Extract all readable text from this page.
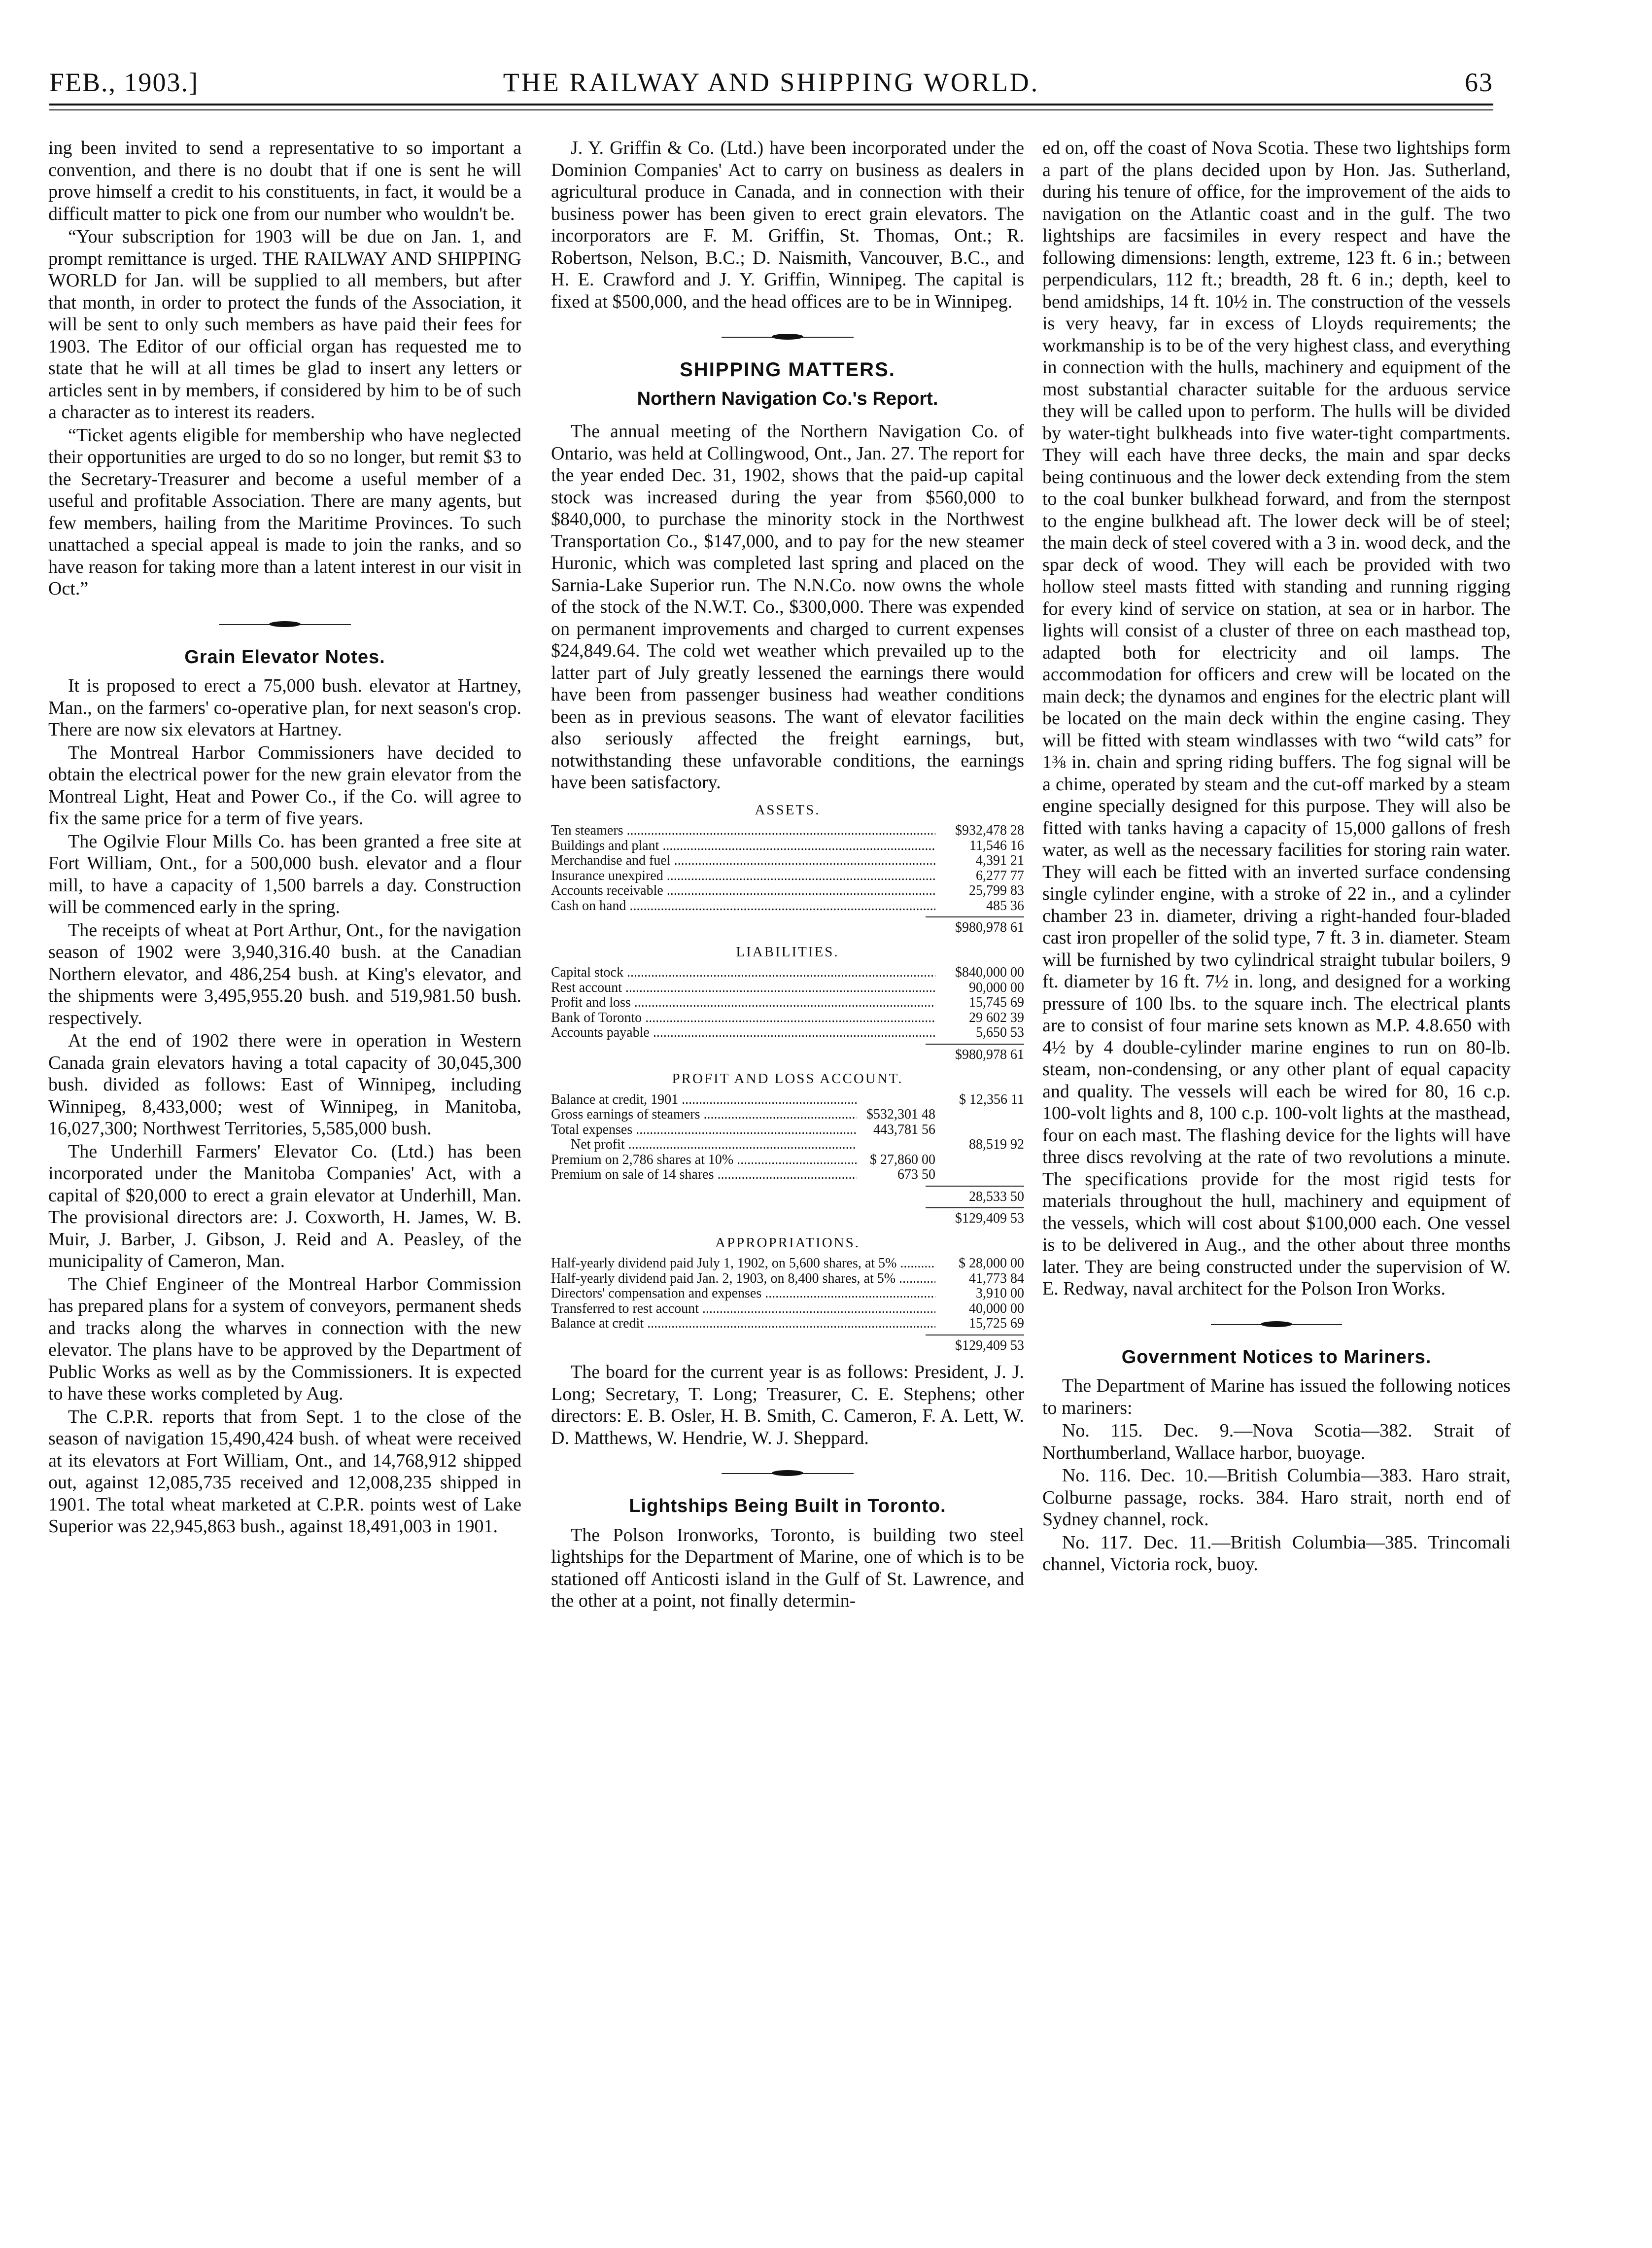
FEB., 1903.]	THE RAILWAY AND SHIPPING WORLD.	63

ing been invited to send a representative to so important a convention, and there is no doubt that if one is sent he will prove himself a credit to his constituents, in fact, it would be a difficult matter to pick one from our number who wouldn't be.

“Your subscription for 1903 will be due on Jan. 1, and prompt remittance is urged. THE RAILWAY AND SHIPPING WORLD for Jan. will be supplied to all members, but after that month, in order to protect the funds of the Association, it will be sent to only such members as have paid their fees for 1903. The Editor of our official organ has requested me to state that he will at all times be glad to insert any letters or articles sent in by members, if considered by him to be of such a character as to interest its readers.

“Ticket agents eligible for membership who have neglected their opportunities are urged to do so no longer, but remit $3 to the Secretary-Treasurer and become a useful member of a useful and profitable Association. There are many agents, but few members, hailing from the Maritime Provinces. To such unattached a special appeal is made to join the ranks, and so have reason for taking more than a latent interest in our visit in Oct.”

Grain Elevator Notes.

It is proposed to erect a 75,000 bush. elevator at Hartney, Man., on the farmers' co-operative plan, for next season's crop. There are now six elevators at Hartney.

The Montreal Harbor Commissioners have decided to obtain the electrical power for the new grain elevator from the Montreal Light, Heat and Power Co., if the Co. will agree to fix the same price for a term of five years.

The Ogilvie Flour Mills Co. has been granted a free site at Fort William, Ont., for a 500,000 bush. elevator and a flour mill, to have a capacity of 1,500 barrels a day. Construction will be commenced early in the spring.

The receipts of wheat at Port Arthur, Ont., for the navigation season of 1902 were 3,940,316.40 bush. at the Canadian Northern elevator, and 486,254 bush. at King's elevator, and the shipments were 3,495,955.20 bush. and 519,981.50 bush. respectively.

At the end of 1902 there were in operation in Western Canada grain elevators having a total capacity of 30,045,300 bush. divided as follows: East of Winnipeg, including Winnipeg, 8,433,000; west of Winnipeg, in Manitoba, 16,027,300; Northwest Territories, 5,585,000 bush.

The Underhill Farmers' Elevator Co. (Ltd.) has been incorporated under the Manitoba Companies' Act, with a capital of $20,000 to erect a grain elevator at Underhill, Man. The provisional directors are: J. Coxworth, H. James, W. B. Muir, J. Barber, J. Gibson, J. Reid and A. Peasley, of the municipality of Cameron, Man.

The Chief Engineer of the Montreal Harbor Commission has prepared plans for a system of conveyors, permanent sheds and tracks along the wharves in connection with the new elevator. The plans have to be approved by the Department of Public Works as well as by the Commissioners. It is expected to have these works completed by Aug.

The C.P.R. reports that from Sept. 1 to the close of the season of navigation 15,490,424 bush. of wheat were received at its elevators at Fort William, Ont., and 14,768,912 shipped out, against 12,085,735 received and 12,008,235 shipped in 1901. The total wheat marketed at C.P.R. points west of Lake Superior was 22,945,863 bush., against 18,491,003 in 1901.

J. Y. Griffin & Co. (Ltd.) have been incorporated under the Dominion Companies' Act to carry on business as dealers in agricultural produce in Canada, and in connection with their business power has been given to erect grain elevators. The incorporators are F. M. Griffin, St. Thomas, Ont.; R. Robertson, Nelson, B.C.; D. Naismith, Vancouver, B.C., and H. E. Crawford and J. Y. Griffin, Winnipeg. The capital is fixed at $500,000, and the head offices are to be in Winnipeg.

SHIPPING MATTERS.
Northern Navigation Co.'s Report.

The annual meeting of the Northern Navigation Co. of Ontario, was held at Collingwood, Ont., Jan. 27. The report for the year ended Dec. 31, 1902, shows that the paid-up capital stock was increased during the year from $560,000 to $840,000, to purchase the minority stock in the Northwest Transportation Co., $147,000, and to pay for the new steamer Huronic, which was completed last spring and placed on the Sarnia-Lake Superior run. The N.N.Co. now owns the whole of the stock of the N.W.T. Co., $300,000. There was expended on permanent improvements and charged to current expenses $24,849.64. The cold wet weather which prevailed up to the latter part of July greatly lessened the earnings there would have been from passenger business had weather conditions been as in previous seasons. The want of elevator facilities also seriously affected the freight earnings, but, notwithstanding these unfavorable conditions, the earnings have been satisfactory.

ASSETS.
Ten steamers .....	$932,478 28
Buildings and plant .....	11,546 16
Merchandise and fuel .....	4,391 21
Insurance unexpired .....	6,277 77
Accounts receivable .....	25,799 83
Cash on hand .....	485 36
$980,978 61
LIABILITIES.
Capital stock .....	$840,000 00
Rest account .....	90,000 00
Profit and loss .....	15,745 69
Bank of Toronto .....	29 602 39
Accounts payable .....	5,650 53
$980,978 61
PROFIT AND LOSS ACCOUNT.
Balance at credit, 1901 .....	$ 12,356 11
Gross earnings of steamers .....	$532,301 48
Total expenses .....	443,781 56
Net profit .....	88,519 92
Premium on 2,786 shares at 10% .....	$ 27,860 00
Premium on sale of 14 shares .....	673 50
28,533 50
$129,409 53
APPROPRIATIONS.
Half-yearly dividend paid July 1, 1902, on 5,600 shares, at 5% .....	$ 28,000 00
Half-yearly dividend paid Jan. 2, 1903, on 8,400 shares, at 5% .....	41,773 84
Directors' compensation and expenses .....	3,910 00
Transferred to rest account .....	40,000 00
Balance at credit .....	15,725 69
$129,409 53

The board for the current year is as follows: President, J. J. Long; Secretary, T. Long; Treasurer, C. E. Stephens; other directors: E. B. Osler, H. B. Smith, C. Cameron, F. A. Lett, W. D. Matthews, W. Hendrie, W. J. Sheppard.

Lightships Being Built in Toronto.

The Polson Ironworks, Toronto, is building two steel lightships for the Department of Marine, one of which is to be stationed off Anticosti island in the Gulf of St. Lawrence, and the other at a point, not finally determin-

ed on, off the coast of Nova Scotia. These two lightships form a part of the plans decided upon by Hon. Jas. Sutherland, during his tenure of office, for the improvement of the aids to navigation on the Atlantic coast and in the gulf. The two lightships are facsimiles in every respect and have the following dimensions: length, extreme, 123 ft. 6 in.; between perpendiculars, 112 ft.; breadth, 28 ft. 6 in.; depth, keel to bend amidships, 14 ft. 10½ in. The construction of the vessels is very heavy, far in excess of Lloyds requirements; the workmanship is to be of the very highest class, and everything in connection with the hulls, machinery and equipment of the most substantial character suitable for the arduous service they will be called upon to perform. The hulls will be divided by water-tight bulkheads into five water-tight compartments. They will each have three decks, the main and spar decks being continuous and the lower deck extending from the stem to the coal bunker bulkhead forward, and from the sternpost to the engine bulkhead aft. The lower deck will be of steel; the main deck of steel covered with a 3 in. wood deck, and the spar deck of wood. They will each be provided with two hollow steel masts fitted with standing and running rigging for every kind of service on station, at sea or in harbor. The lights will consist of a cluster of three on each masthead top, adapted both for electricity and oil lamps. The accommodation for officers and crew will be located on the main deck; the dynamos and engines for the electric plant will be located on the main deck within the engine casing. They will be fitted with steam windlasses with two “wild cats” for 1⅜ in. chain and spring riding buffers. The fog signal will be a chime, operated by steam and the cut-off marked by a steam engine specially designed for this purpose. They will also be fitted with tanks having a capacity of 15,000 gallons of fresh water, as well as the necessary facilities for storing rain water. They will each be fitted with an inverted surface condensing single cylinder engine, with a stroke of 22 in., and a cylinder chamber 23 in. diameter, driving a right-handed four-bladed cast iron propeller of the solid type, 7 ft. 3 in. diameter. Steam will be furnished by two cylindrical straight tubular boilers, 9 ft. diameter by 16 ft. 7½ in. long, and designed for a working pressure of 100 lbs. to the square inch. The electrical plants are to consist of four marine sets known as M.P. 4.8.650 with 4½ by 4 double-cylinder marine engines to run on 80-lb. steam, non-condensing, or any other plant of equal capacity and quality. The vessels will each be wired for 80, 16 c.p. 100-volt lights and 8, 100 c.p. 100-volt lights at the masthead, four on each mast. The flashing device for the lights will have three discs revolving at the rate of two revolutions a minute. The specifications provide for the most rigid tests for materials throughout the hull, machinery and equipment of the vessels, which will cost about $100,000 each. One vessel is to be delivered in Aug., and the other about three months later. They are being constructed under the supervision of W. E. Redway, naval architect for the Polson Iron Works.

Government Notices to Mariners.

The Department of Marine has issued the following notices to mariners:

No. 115. Dec. 9.—Nova Scotia—382. Strait of Northumberland, Wallace harbor, buoyage.

No. 116. Dec. 10.—British Columbia—383. Haro strait, Colburne passage, rocks. 384. Haro strait, north end of Sydney channel, rock.

No. 117. Dec. 11.—British Columbia—385. Trincomali channel, Victoria rock, buoy.
